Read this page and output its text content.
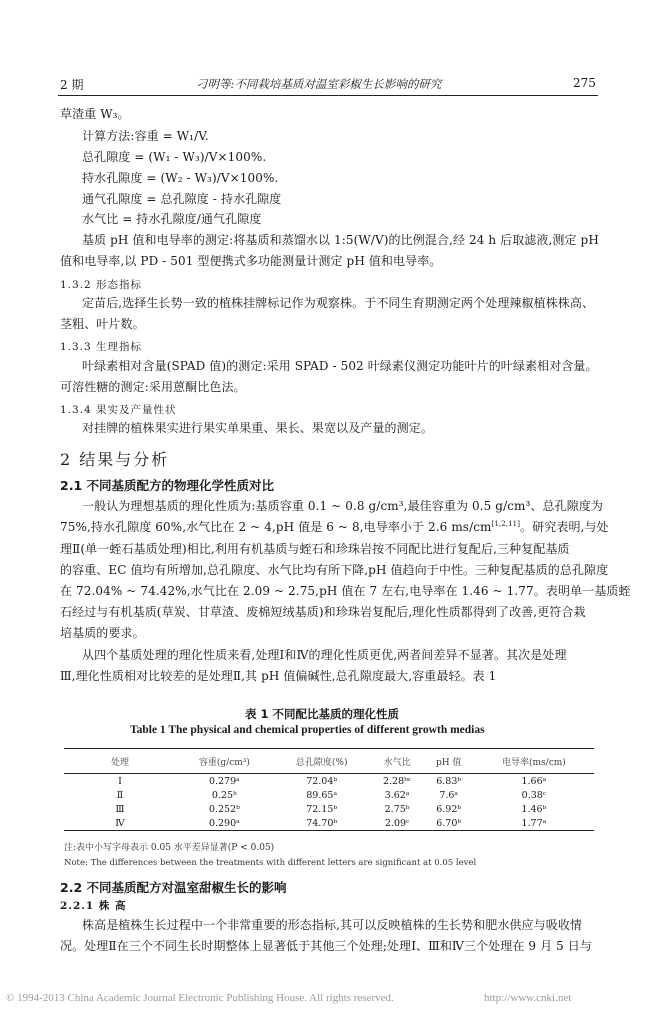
2 期	刁明等:不同栽培基质对温室彩椒生长影响的研究	275
草渣重 W₃。
计算方法:容重 = W₁/V.
总孔隙度 = (W₁ - W₃)/V×100%.
持水孔隙度 = (W₂ - W₃)/V×100%.
通气孔隙度 = 总孔隙度 - 持水孔隙度
水气比 = 持水孔隙度/通气孔隙度
基质 pH 值和电导率的测定:将基质和蒸馏水以 1:5(W/V)的比例混合,经 24 h 后取滤液,测定 pH
值和电导率,以 PD - 501 型便携式多功能测量计测定 pH 值和电导率。
1.3.2 形态指标
定苗后,选择生长势一致的植株挂牌标记作为观察株。于不同生育期测定两个处理辣椒植株株高、
茎粗、叶片数。
1.3.3 生理指标
叶绿素相对含量(SPAD 值)的测定:采用 SPAD - 502 叶绿素仪测定功能叶片的叶绿素相对含量。
可溶性糖的测定:采用蒽酮比色法。
1.3.4 果实及产量性状
对挂牌的植株果实进行果实单果重、果长、果宽以及产量的测定。
2 结果与分析
2.1 不同基质配方的物理化学性质对比
一般认为理想基质的理化性质为:基质容重 0.1 ~ 0.8 g/cm³,最佳容重为 0.5 g/cm³、总孔隙度为
75%,持水孔隙度 60%,水气比在 2 ~ 4,pH 值是 6 ~ 8,电导率小于 2.6 ms/cm[1,2,11]。研究表明,与处
理Ⅱ(单一蛭石基质处理)相比,利用有机基质与蛭石和珍珠岩按不同配比进行复配后,三种复配基质
的容重、EC 值均有所增加,总孔隙度、水气比均有所下降,pH 值趋向于中性。三种复配基质的总孔隙度
在 72.04% ~ 74.42%,水气比在 2.09 ~ 2.75,pH 值在 7 左右,电导率在 1.46 ~ 1.77。表明单一基质蛭
石经过与有机基质(草炭、甘草渣、废棉短绒基质)和珍珠岩复配后,理化性质都得到了改善,更符合栽
培基质的要求。
从四个基质处理的理化性质来看,处理Ⅰ和Ⅳ的理化性质更优,两者间差异不显著。其次是处理
Ⅲ,理化性质相对比较差的是处理Ⅱ,其 pH 值偏碱性,总孔隙度最大,容重最轻。表 1
表 1 不同配比基质的理化性质
Table 1 The physical and chemical properties of different growth medias
处理	容重(g/cm³)	总孔隙度(%)	水气比	pH 值	电导率(ms/cm)
Ⅰ	0.279ᵃ	72.04ᵇ	2.28ᵇᶜ	6.83ᵇ	1.66ᵃ
Ⅱ	0.25ᵇ	89.65ᵃ	3.62ᵃ	7.6ᵃ	0.38ᶜ
Ⅲ	0.252ᵇ	72.15ᵇ	2.75ᵇ	6.92ᵇ	1.46ᵇ
Ⅳ	0.290ᵃ	74.70ᵇ	2.09ᶜ	6.70ᵇ	1.77ᵃ
注:表中小写字母表示 0.05 水平差异显著(P < 0.05)
Note: The differences between the treatments with different letters are significant at 0.05 level
2.2 不同基质配方对温室甜椒生长的影响
2.2.1 株 高
株高是植株生长过程中一个非常重要的形态指标,其可以反映植株的生长势和肥水供应与吸收情
况。处理Ⅱ在三个不同生长时期整体上显著低于其他三个处理;处理Ⅰ、Ⅲ和Ⅳ三个处理在 9 月 5 日与
© 1994-2013 China Academic Journal Electronic Publishing House. All rights reserved.	http://www.cnki.net
